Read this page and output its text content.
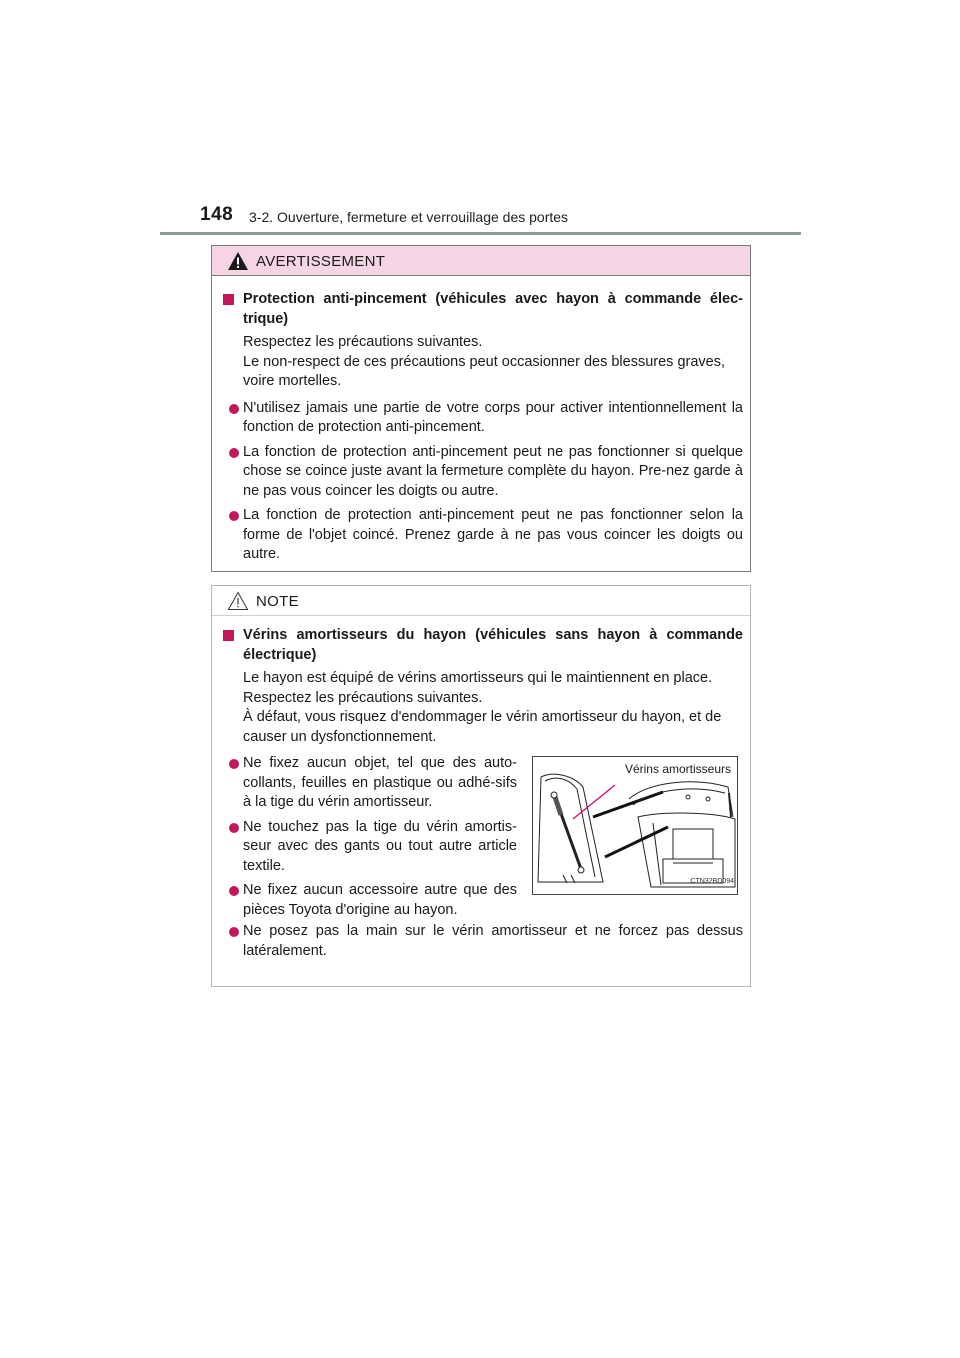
148 3-2. Ouverture, fermeture et verrouillage des portes
AVERTISSEMENT
Protection anti-pincement (véhicules avec hayon à commande élec-trique)
Respectez les précautions suivantes.
Le non-respect de ces précautions peut occasionner des blessures graves, voire mortelles.
N'utilisez jamais une partie de votre corps pour activer intentionnellement la fonction de protection anti-pincement.
La fonction de protection anti-pincement peut ne pas fonctionner si quelque chose se coince juste avant la fermeture complète du hayon. Pre-nez garde à ne pas vous coincer les doigts ou autre.
La fonction de protection anti-pincement peut ne pas fonctionner selon la forme de l'objet coincé. Prenez garde à ne pas vous coincer les doigts ou autre.
NOTE
Vérins amortisseurs du hayon (véhicules sans hayon à commande électrique)
Le hayon est équipé de vérins amortisseurs qui le maintiennent en place.
Respectez les précautions suivantes.
À défaut, vous risquez d'endommager le vérin amortisseur du hayon, et de causer un dysfonctionnement.
Ne fixez aucun objet, tel que des auto-collants, feuilles en plastique ou adhé-sifs à la tige du vérin amortisseur.
Ne touchez pas la tige du vérin amortis-seur avec des gants ou tout autre article textile.
Ne fixez aucun accessoire autre que des pièces Toyota d'origine au hayon.
Vérins amortisseurs
CTN32BD094
Ne posez pas la main sur le vérin amortisseur et ne forcez pas dessus latéralement.
